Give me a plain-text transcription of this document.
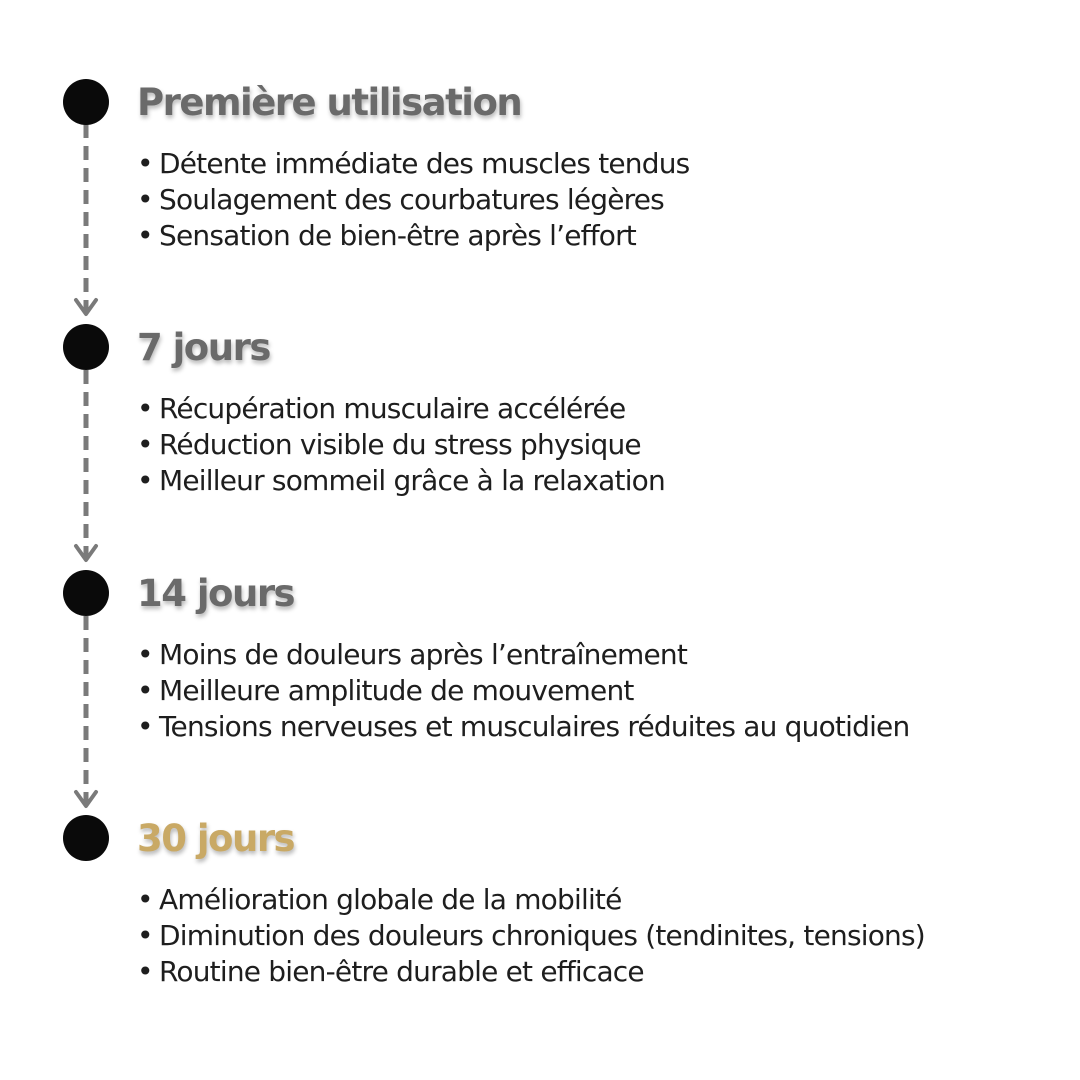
Première utilisation
• Détente immédiate des muscles tendus
• Soulagement des courbatures légères
• Sensation de bien-être après l’effort
7 jours
• Récupération musculaire accélérée
• Réduction visible du stress physique
• Meilleur sommeil grâce à la relaxation
14 jours
• Moins de douleurs après l’entraînement
• Meilleure amplitude de mouvement
• Tensions nerveuses et musculaires réduites au quotidien
30 jours
• Amélioration globale de la mobilité
• Diminution des douleurs chroniques (tendinites, tensions)
• Routine bien-être durable et efficace
